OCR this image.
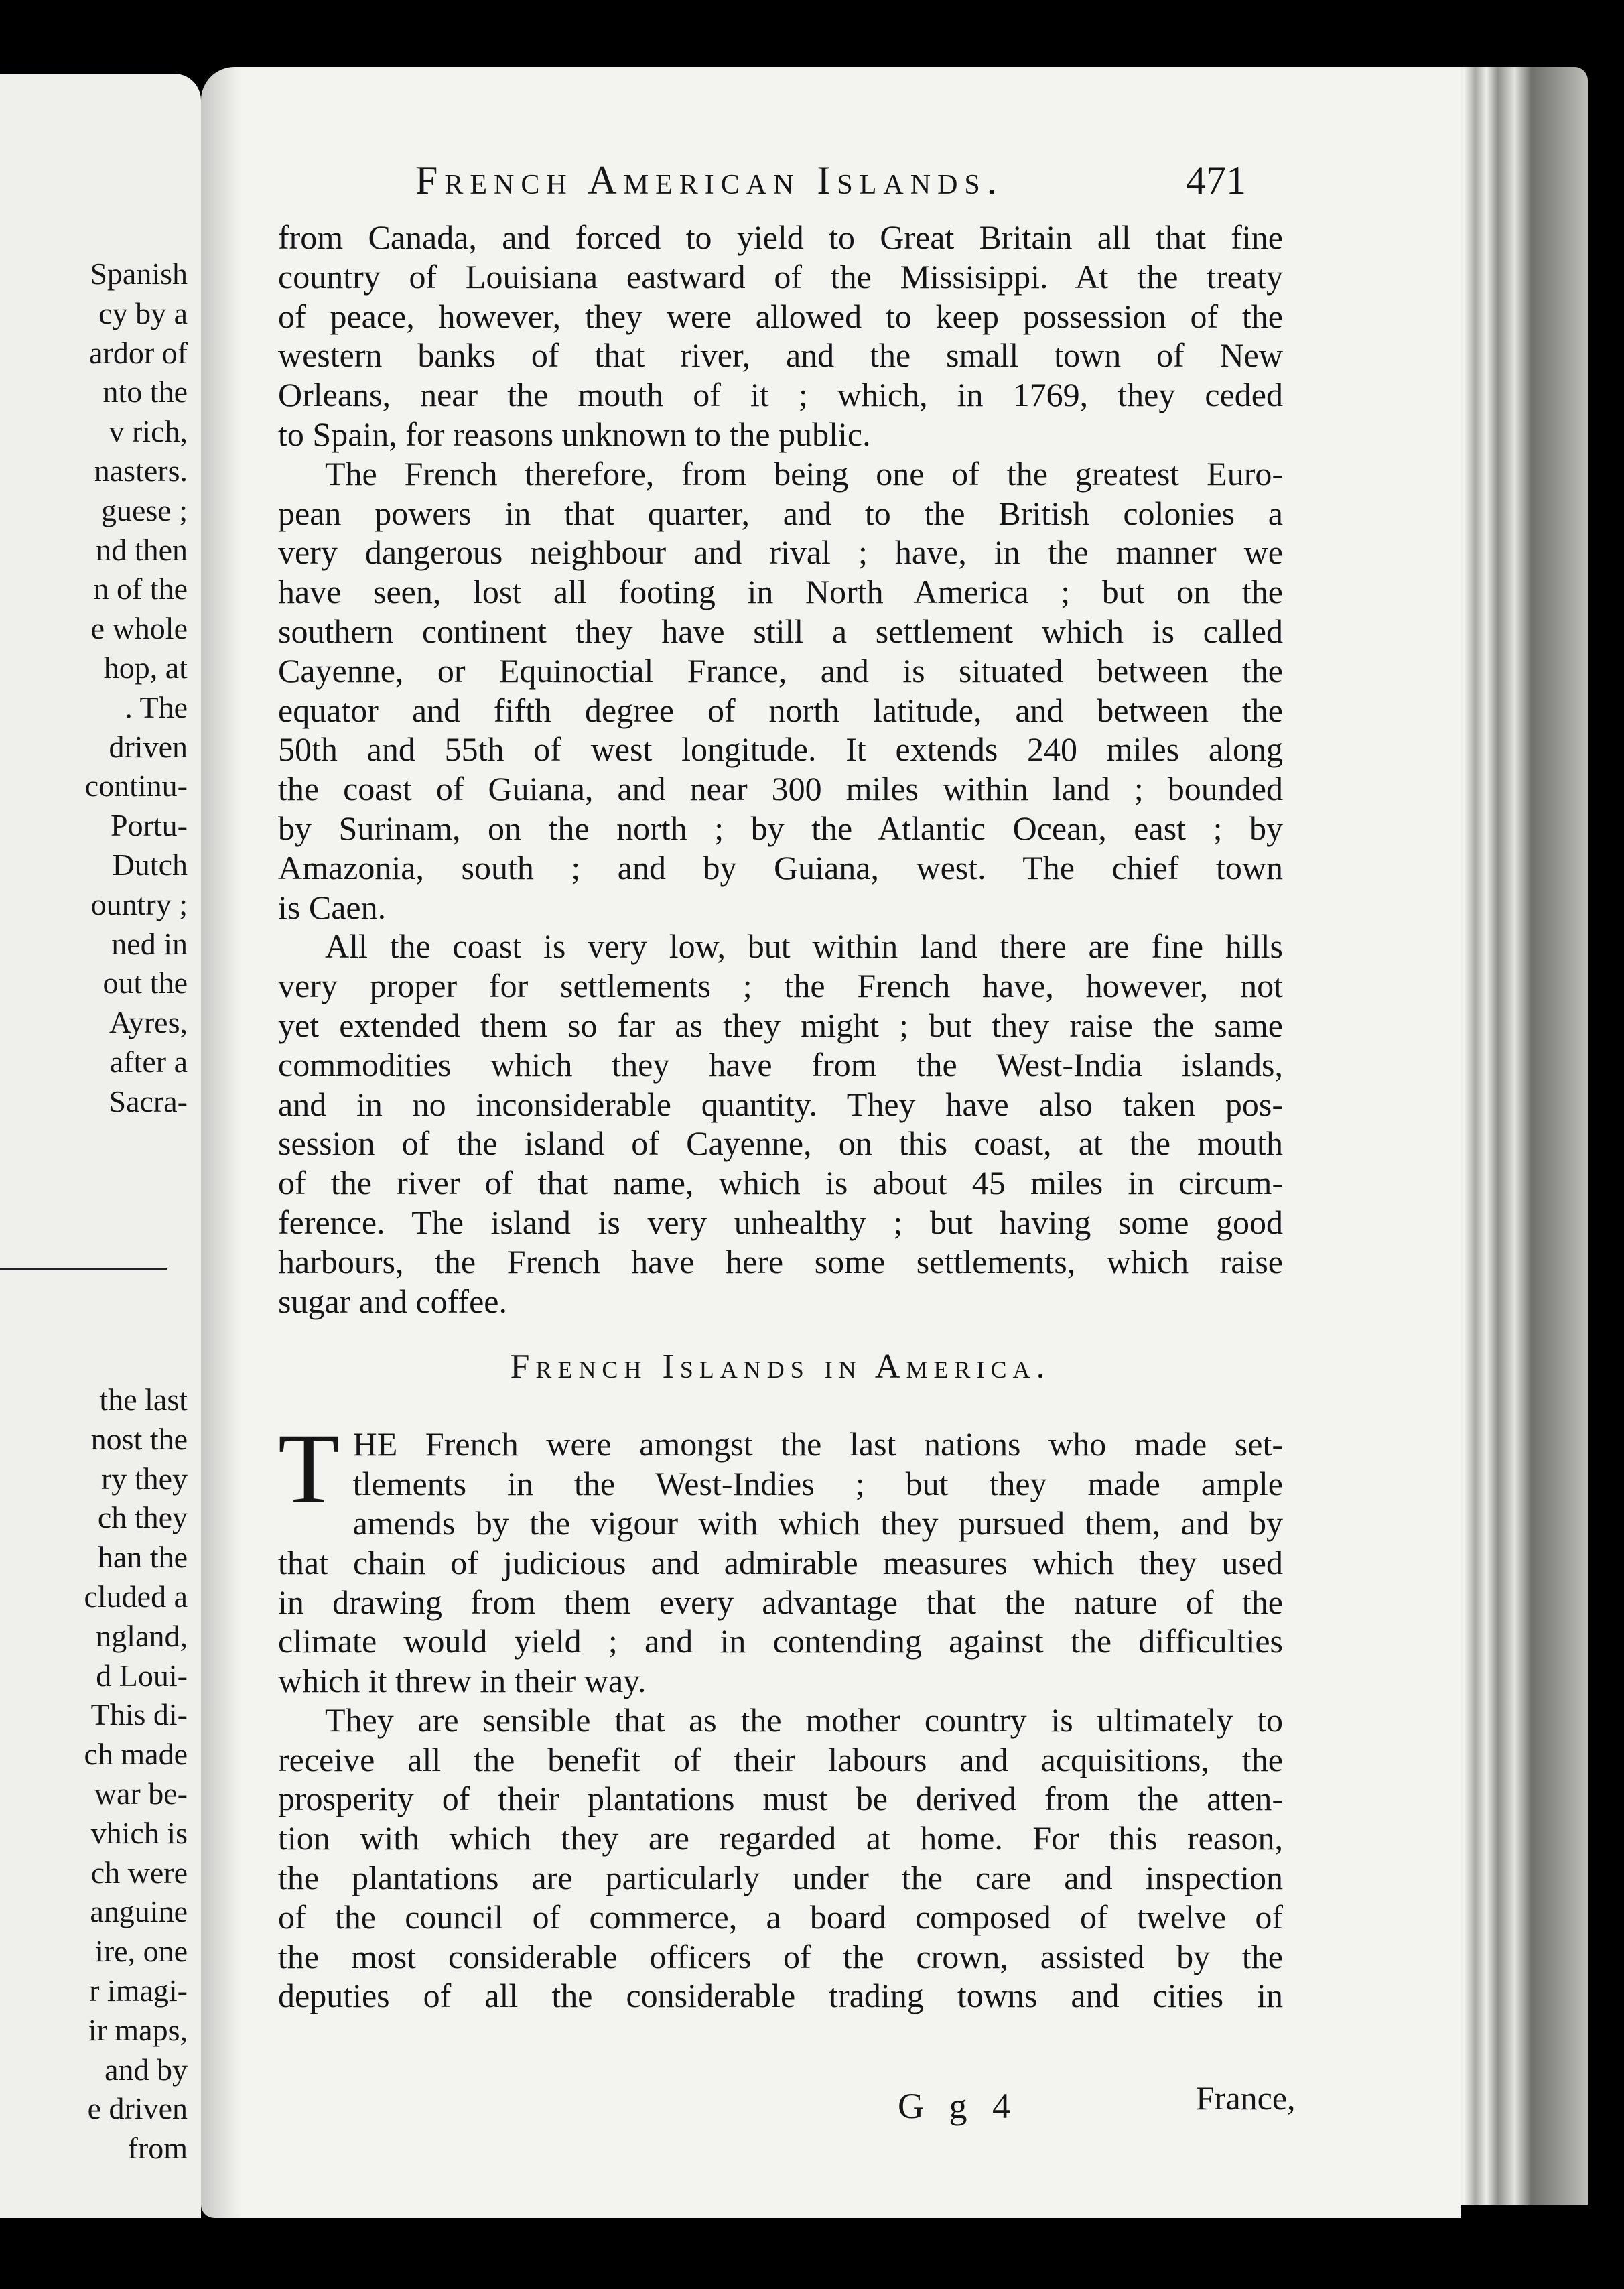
Spanish
cy by a
ardor of
nto the
v rich,
nasters.
guese ;
nd then
n of the
e whole
hop, at
. The
driven
continu-
Portu-
Dutch
ountry ;
ned in
out the
Ayres,
after a
Sacra-
the last
nost the
ry they
ch they
han the
cluded a
ngland,
d Loui-
This di-
ch made
war be-
vhich is
ch were
anguine
ire, one
r imagi-
ir maps,
and by
e driven
from
French American Islands.	471
from Canada, and forced to yield to Great Britain all that fine
country of Louisiana eastward of the Missisippi. At the treaty
of peace, however, they were allowed to keep possession of the
western banks of that river, and the small town of New
Orleans, near the mouth of it ; which, in 1769, they ceded
to Spain, for reasons unknown to the public.
The French therefore, from being one of the greatest Euro-
pean powers in that quarter, and to the British colonies a
very dangerous neighbour and rival ; have, in the manner we
have seen, lost all footing in North America ; but on the
southern continent they have still a settlement which is called
Cayenne, or Equinoctial France, and is situated between the
equator and fifth degree of north latitude, and between the
50th and 55th of west longitude. It extends 240 miles along
the coast of Guiana, and near 300 miles within land ; bounded
by Surinam, on the north ; by the Atlantic Ocean, east ; by
Amazonia, south ; and by Guiana, west. The chief town
is Caen.
All the coast is very low, but within land there are fine hills
very proper for settlements ; the French have, however, not
yet extended them so far as they might ; but they raise the same
commodities which they have from the West-India islands,
and in no inconsiderable quantity. They have also taken pos-
session of the island of Cayenne, on this coast, at the mouth
of the river of that name, which is about 45 miles in circum-
ference. The island is very unhealthy ; but having some good
harbours, the French have here some settlements, which raise
sugar and coffee.
French Islands in America.
T HE French were amongst the last nations who made set-
tlements in the West-Indies ; but they made ample
amends by the vigour with which they pursued them, and by
that chain of judicious and admirable measures which they used
in drawing from them every advantage that the nature of the
climate would yield ; and in contending against the difficulties
which it threw in their way.
They are sensible that as the mother country is ultimately to
receive all the benefit of their labours and acquisitions, the
prosperity of their plantations must be derived from the atten-
tion with which they are regarded at home. For this reason,
the plantations are particularly under the care and inspection
of the council of commerce, a board composed of twelve of
the most considerable officers of the crown, assisted by the
deputies of all the considerable trading towns and cities in
G g 4	France,
